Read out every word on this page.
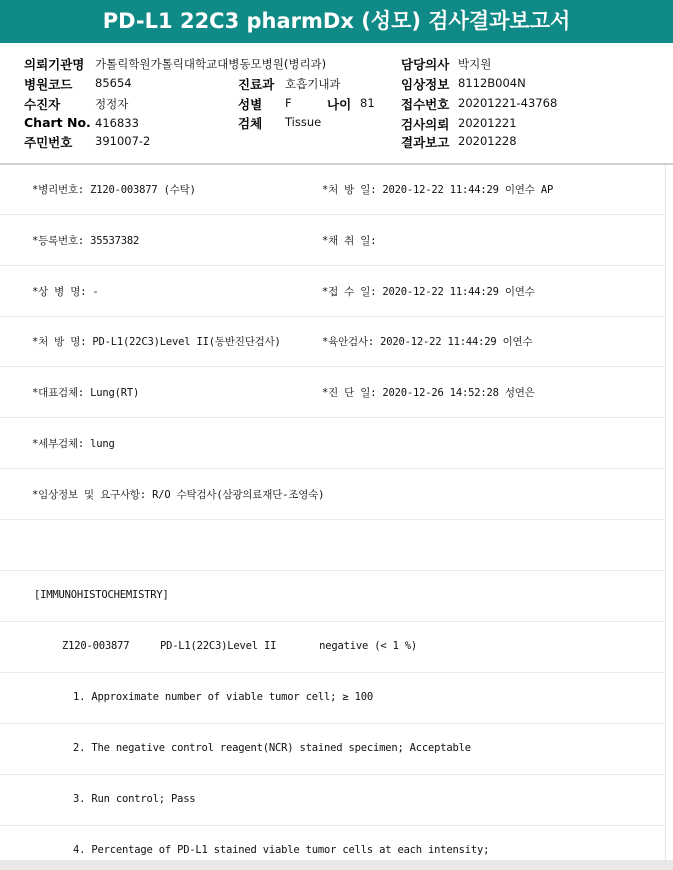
PD-L1 22C3 pharmDx (성모) 검사결과보고서
의뢰기관명 가톨릭학원가톨릭대학교대병동모병원(병리과)	담당의사 박지원
병원코드 85654	진료과 호흡기내과	임상정보 8112B004N
수진자	정정자	성별 F	나이 81 접수번호 20201221-43768
Chart No. 416833	검체 Tissue	검사의뢰 20201221
주민번호 391007-2	결과보고 20201228
*병리번호: Z120-003877 (수탁)	*처 방 일: 2020-12-22 11:44:29 이연수 AP
*등록번호: 35537382	*채 취 일:
*상 병 명: -	*접 수 일: 2020-12-22 11:44:29 이연수
*처 방 명: PD-L1(22C3)Level II(동반진단검사)	*육안검사: 2020-12-22 11:44:29 이연수
*대표검체: Lung(RT)	*진 단 일: 2020-12-26 14:52:28 성연은
*세부검체: lung
*임상정보 및 요구사항: R/O 수탁검사(삼광의료재단-조영숙)
[IMMUNOHISTOCHEMISTRY]
Z120-003877     PD-L1(22C3)Level II       negative (< 1 %)
1. Approximate number of viable tumor cell; ≥ 100
2. The negative control reagent(NCR) stained specimen; Acceptable
3. Run control; Pass
4. Percentage of PD-L1 stained viable tumor cells at each intensity;
